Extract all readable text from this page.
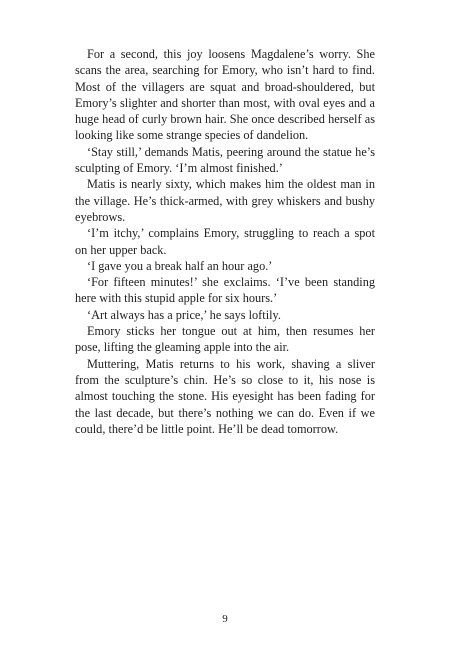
For a second, this joy loosens Magdalene’s worry. She scans the area, searching for Emory, who isn’t hard to find. Most of the villagers are squat and broad-shouldered, but Emory’s slighter and shorter than most, with oval eyes and a huge head of curly brown hair. She once described herself as looking like some strange species of dandelion.

‘Stay still,’ demands Matis, peering around the statue he’s sculpting of Emory. ‘I’m almost finished.’

Matis is nearly sixty, which makes him the oldest man in the village. He’s thick-armed, with grey whiskers and bushy eyebrows.

‘I’m itchy,’ complains Emory, struggling to reach a spot on her upper back.

‘I gave you a break half an hour ago.’

‘For fifteen minutes!’ she exclaims. ‘I’ve been standing here with this stupid apple for six hours.’

‘Art always has a price,’ he says loftily.

Emory sticks her tongue out at him, then resumes her pose, lifting the gleaming apple into the air.

Muttering, Matis returns to his work, shaving a sliver from the sculpture’s chin. He’s so close to it, his nose is almost touching the stone. His eyesight has been fading for the last decade, but there’s nothing we can do. Even if we could, there’d be little point. He’ll be dead tomorrow.

9
